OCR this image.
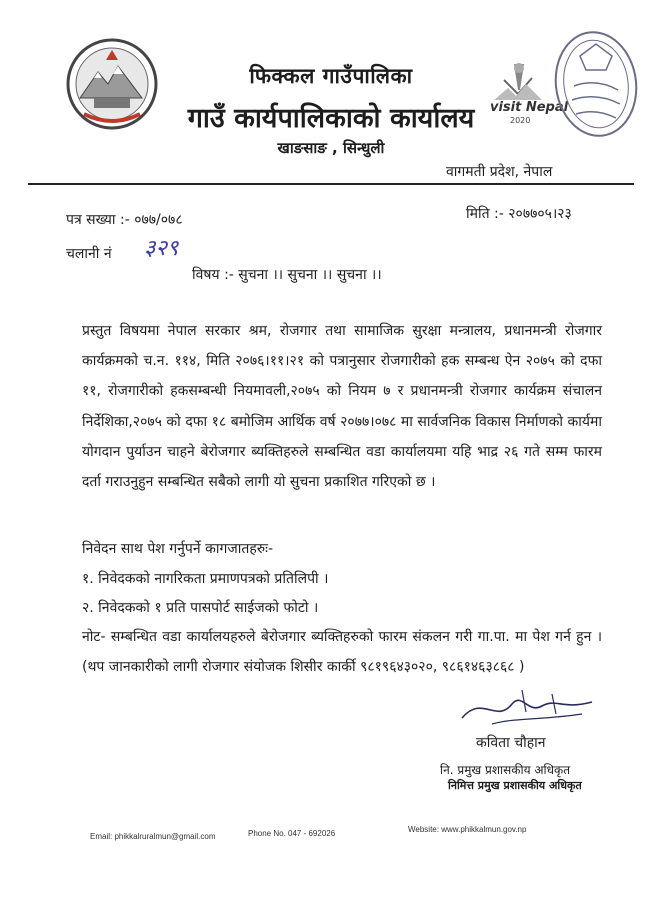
फिक्कल गाउँपालिका
गाउँ कार्यपालिकाको कार्यालय
खाङसाङ , सिन्धुली
visit Nepal
2020
वागमती प्रदेश, नेपाल
पत्र सख्या :- ०७७/०७८	मिति :- २०७७०५।२३
चलानी नं ३२९
विषय :- सुचना ।। सुचना ।। सुचना ।।

प्रस्तुत विषयमा नेपाल सरकार श्रम, रोजगार तथा सामाजिक सुरक्षा मन्त्रालय, प्रधानमन्त्री रोजगार कार्यक्रमको च.न. ११४, मिति २०७६।११।२१ को पत्रानुसार रोजगारीको हक सम्बन्ध ऐन २०७५ को दफा ११, रोजगारीको हकसम्बन्धी नियमावली,२०७५ को नियम ७ र प्रधानमन्त्री रोजगार कार्यक्रम संचालन निर्देशिका,२०७५ को दफा १८ बमोजिम आर्थिक वर्ष २०७७।०७८ मा सार्वजनिक विकास निर्माणको कार्यमा योगदान पुर्याउन चाहने बेरोजगार ब्यक्तिहरुले सम्बन्धित वडा कार्यालयमा यहि भाद्र २६ गते सम्म फारम दर्ता गराउनुहुन सम्बन्धित सबैको लागी यो सुचना प्रकाशित गरिएको छ ।

निवेदन साथ पेश गर्नुपर्ने कागजातहरुः-
१. निवेदकको नागरिकता प्रमाणपत्रको प्रतिलिपी ।
२. निवेदकको १ प्रति पासपोर्ट साईजको फोटो ।

नोट- सम्बन्धित वडा कार्यालयहरुले बेरोजगार ब्यक्तिहरुको फारम संकलन गरी गा.पा. मा पेश गर्न हुन । (थप जानकारीको लागी रोजगार संयोजक शिसीर कार्की ९८१९६४३०२०, ९८६१४६३८६८ )

कविता चौहान
नि. प्रमुख प्रशासकीय अधिकृत
निमित्त प्रमुख प्रशासकीय अधिकृत
Email: phikkalruralmun@gmail.com	Phone No. 047 - 692026	Website: www.phikkalmun.gov.np
